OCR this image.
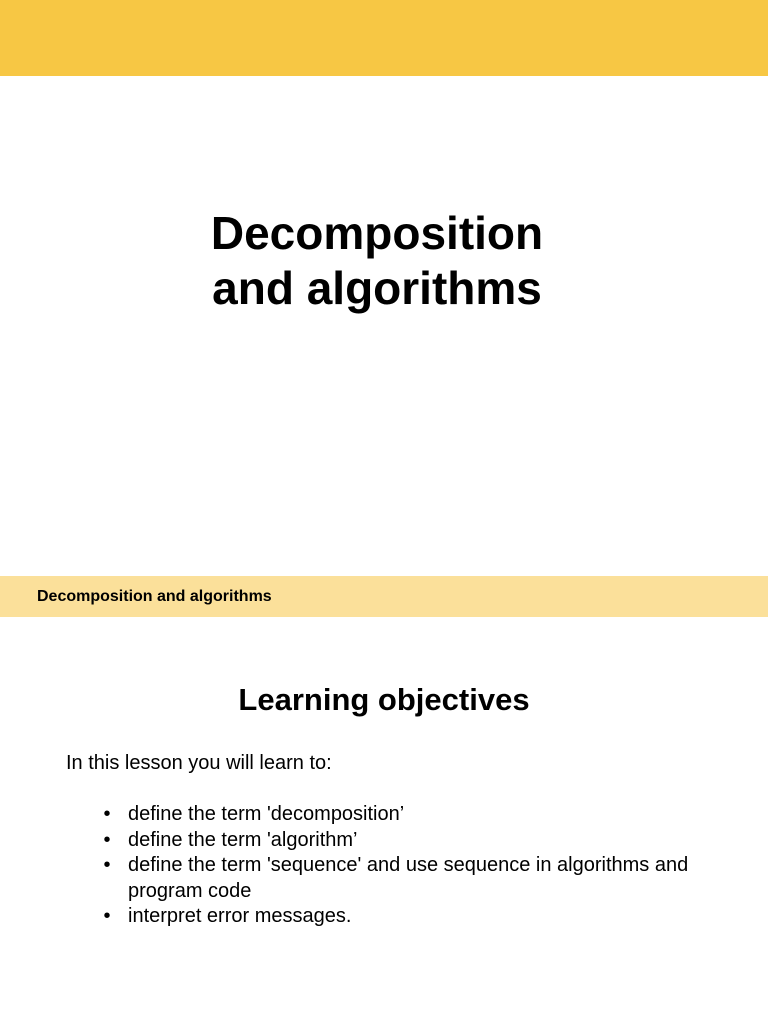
Decomposition
and algorithms
Decomposition and algorithms
Learning objectives
In this lesson you will learn to:
• define the term 'decomposition’
• define the term 'algorithm’
• define the term 'sequence' and use sequence in algorithms and program code
• interpret error messages.
